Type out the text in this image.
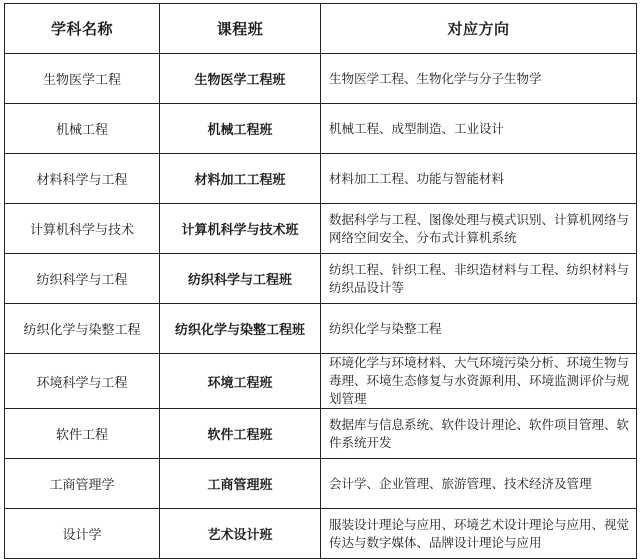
学科名称	课程班	对应方向
生物医学工程	生物医学工程班	生物医学工程、生物化学与分子生物学
机械工程	机械工程班	机械工程、成型制造、工业设计
材料科学与工程	材料加工工程班	材料加工工程、功能与智能材料
计算机科学与技术	计算机科学与技术班	数据科学与工程、图像处理与模式识别、计算机网络与网络空间安全、分布式计算机系统
纺织科学与工程	纺织科学与工程班	纺织工程、针织工程、非织造材料与工程、纺织材料与纺织品设计等
纺织化学与染整工程	纺织化学与染整工程班	纺织化学与染整工程
环境科学与工程	环境工程班	环境化学与环境材料、大气环境污染分析、环境生物与毒理、环境生态修复与水资源利用、环境监测评价与规划管理
软件工程	软件工程班	数据库与信息系统、软件设计理论、软件项目管理、软件系统开发
工商管理学	工商管理班	会计学、企业管理、旅游管理、技术经济及管理
设计学	艺术设计班	服装设计理论与应用、环境艺术设计理论与应用、视觉传达与数字媒体、品牌设计理论与应用
